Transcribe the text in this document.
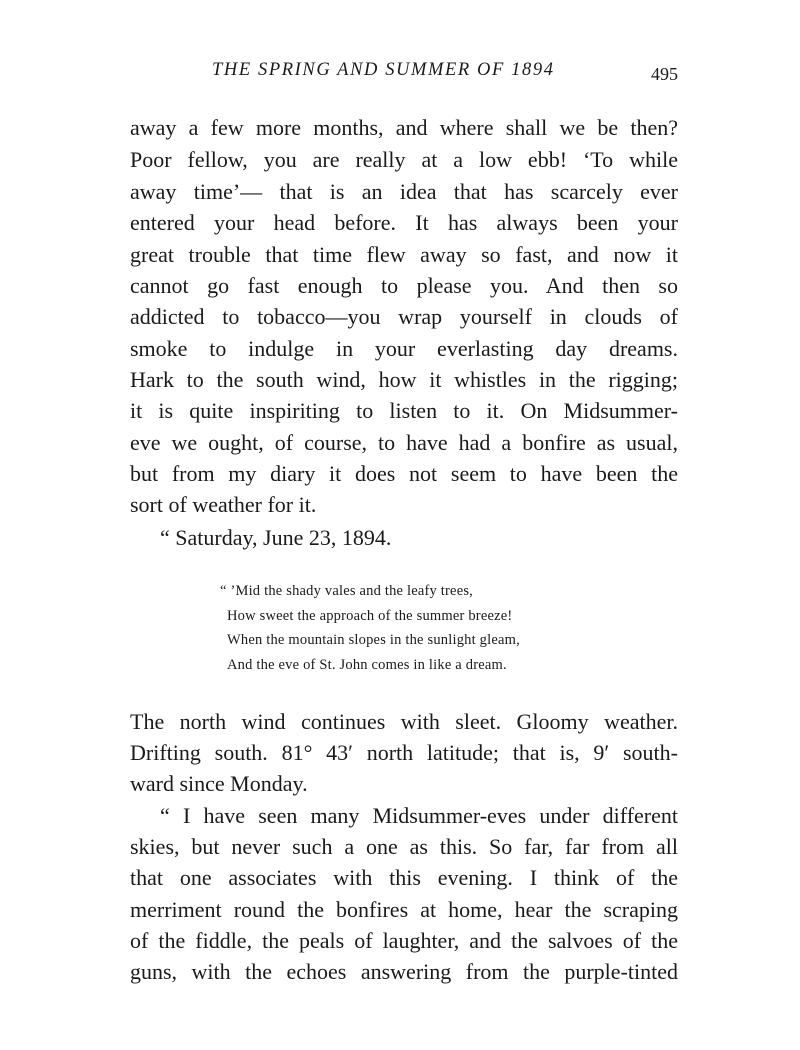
THE SPRING AND SUMMER OF 1894	495
away a few more months, and where shall we be then?
Poor fellow, you are really at a low ebb! ‘To while
away time’— that is an idea that has scarcely ever
entered your head before. It has always been your
great trouble that time flew away so fast, and now it
cannot go fast enough to please you. And then so
addicted to tobacco—you wrap yourself in clouds of
smoke to indulge in your everlasting day dreams.
Hark to the south wind, how it whistles in the rigging;
it is quite inspiriting to listen to it. On Midsummer-
eve we ought, of course, to have had a bonfire as usual,
but from my diary it does not seem to have been the
sort of weather for it.
“ Saturday, June 23, 1894.
“ ’Mid the shady vales and the leafy trees,
How sweet the approach of the summer breeze!
When the mountain slopes in the sunlight gleam,
And the eve of St. John comes in like a dream.
The north wind continues with sleet. Gloomy weather.
Drifting south. 81° 43′ north latitude; that is, 9′ south-
ward since Monday.
“ I have seen many Midsummer-eves under different
skies, but never such a one as this. So far, far from all
that one associates with this evening. I think of the
merriment round the bonfires at home, hear the scraping
of the fiddle, the peals of laughter, and the salvoes of the
guns, with the echoes answering from the purple-tinted
